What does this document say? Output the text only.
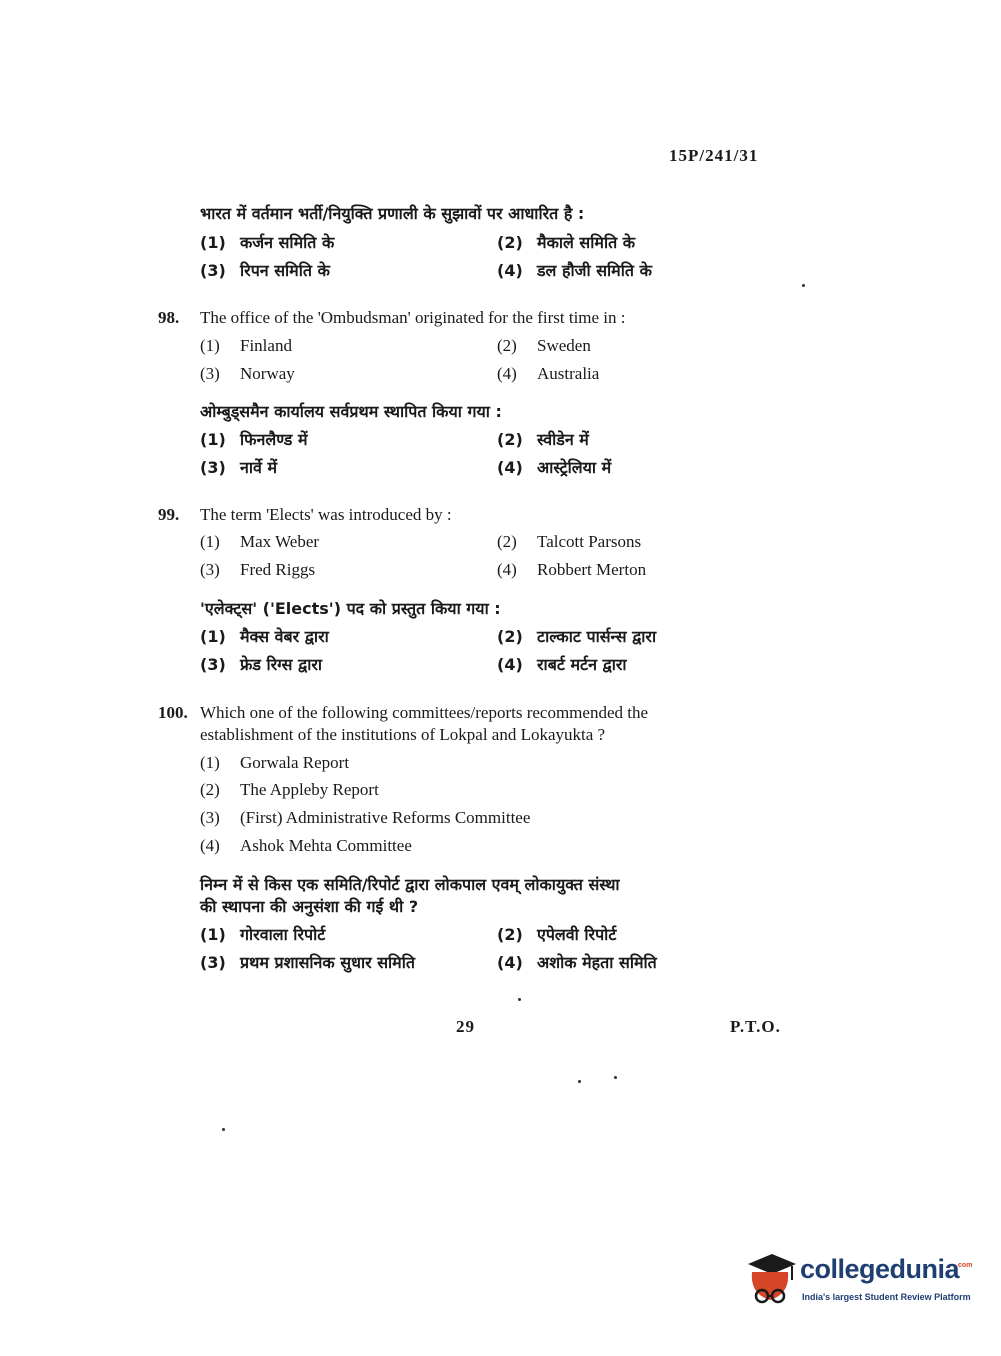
15P/241/31
भारत में वर्तमान भर्ती/नियुक्ति प्रणाली के सुझावों पर आधारित है :
(1) कर्जन समिति के	(2) मैकाले समिति के
(3) रिपन समिति के	(4) डल हौजी समिति के
98. The office of the 'Ombudsman' originated for the first time in :
(1) Finland	(2) Sweden
(3) Norway	(4) Australia
ओम्बुड्समैन कार्यालय सर्वप्रथम स्थापित किया गया :
(1) फिनलैण्ड में	(2) स्वीडेन में
(3) नार्वे में	(4) आस्ट्रेलिया में
99. The term 'Elects' was introduced by :
(1) Max Weber	(2) Talcott Parsons
(3) Fred Riggs	(4) Robbert Merton
'एलेक्ट्स' ('Elects') पद को प्रस्तुत किया गया :
(1) मैक्स वेबर द्वारा	(2) टाल्काट पार्सन्स द्वारा
(3) फ्रेड रिग्स द्वारा	(4) राबर्ट मर्टन द्वारा
100. Which one of the following committees/reports recommended the
establishment of the institutions of Lokpal and Lokayukta ?
(1) Gorwala Report
(2) The Appleby Report
(3) (First) Administrative Reforms Committee
(4) Ashok Mehta Committee
निम्न में से किस एक समिति/रिपोर्ट द्वारा लोकपाल एवम् लोकायुक्त संस्था
की स्थापना की अनुसंशा की गई थी ?
(1) गोरवाला रिपोर्ट	(2) एपेलवी रिपोर्ट
(3) प्रथम प्रशासनिक सुधार समिति	(4) अशोक मेहता समिति
29	P.T.O.
collegedunia
.com
India's largest Student Review Platform
